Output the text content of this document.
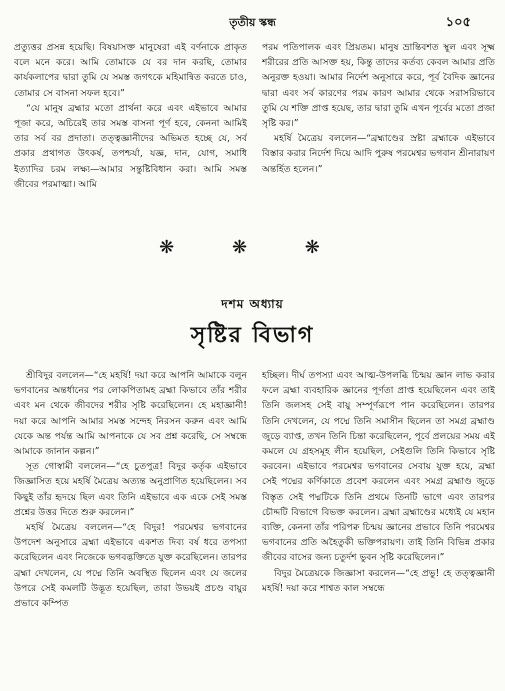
তৃতীয় স্কন্ধ	১০৫

প্রত্যুত্তর প্রসন্ন হয়েছি। বিষয়াসক্ত মানুষেরা এই বর্ণনাকে প্রাকৃত বলে মনে করে। আমি তোমাকে যে বর দান করছি, তোমার কার্যকলাপের দ্বারা তুমি যে সমস্ত জগৎকে মহিমান্বিত করতে চাও, তোমার সে বাসনা সফল হবে।”

“যে মানুষ ব্রহ্মার মতো প্রার্থনা করে এবং এইভাবে আমার পূজা করে, অচিরেই তার সমস্ত বাসনা পূর্ণ হবে, কেননা আমিই তার সর্ব বর প্রদাতা। তত্ত্বজ্ঞানীদের অভিমত হচ্ছে যে, সর্ব প্রকার প্রথাগত উৎকর্ষ, তপশ্চর্যা, যজ্ঞ, দান, যোগ, সমাধি ইত্যাদির চরম লক্ষ্য—আমার সন্তুষ্টিবিধান করা। আমি সমস্ত জীবের পরমাত্মা। আমি

পরম পতিপালক এবং প্রিয়তম। মানুষ ভ্রান্তিবশত স্থূল এবং সূক্ষ্ম শরীরের প্রতি আসক্ত হয়, কিন্তু তাদের কর্তব্য কেবল আমার প্রতি অনুরক্ত হওয়া। আমার নির্দেশ অনুসারে করে, পূর্ব বৈদিক জ্ঞানের দ্বারা এবং সর্ব কারণের পরম কারণ আমার থেকে সরাসরিভাবে তুমি যে শক্তি প্রাপ্ত হয়েছ, তার দ্বারা তুমি এখন পূর্বের মতো প্রজা সৃষ্টি কর।”

মহর্ষি মৈত্রেয় বললেন—“ব্রহ্মাণ্ডের স্রষ্টা ব্রহ্মাকে এইভাবে বিস্তার করার নির্দেশ দিয়ে আদি পুরুষ পরমেশ্বর ভগবান শ্রীনারায়ণ অন্তর্হিত হলেন।”

❋ ❋ ❋
দশম অধ্যায়
সৃষ্টির বিভাগ

শ্রীবিদুর বললেন—“হে মহর্ষি! দয়া করে আপনি আমাকে বলুন ভগবানের অন্তর্ধানের পর লোকপিতামহ ব্রহ্মা কিভাবে তাঁর শরীর এবং মন থেকে জীবদের শরীর সৃষ্টি করেছিলেন। হে মহাজ্ঞানী! দয়া করে আপনি আমার সমস্ত সন্দেহ নিরসন করুন এবং আমি যেকে অন্ত পর্যন্ত আমি আপনাকে যে সব প্রশ্ন করেছি, সে সম্বন্ধে আমাকে জানান কল্পন।”

সূত গোস্বামী বললেন—“হে চুতপুত্র! বিদুর কর্তৃক এইভাবে জিজ্ঞাসিত হয়ে মহর্ষি মৈত্রেয় অত্যন্ত অনুপ্রাণিত হয়েছিলেন। সব কিছুই তাঁর হৃদয়ে ছিল এবং তিনি এইভাবে এক একে সেই সমস্ত প্রশ্নের উত্তর দিতে শুরু করলেন।”

মহর্ষি মৈত্রেয় বললেন—“হে বিদুর! পরমেশ্বর ভগবানের উপদেশ অনুসারে ব্রহ্মা এইভাবে একশত দিব্য বর্ষ ধরে তপস্যা করেছিলেন এবং নিজেকে ভগবদ্ভক্তিতে যুক্ত করেছিলেন। তারপর ব্রহ্মা দেখলেন, যে পদ্মে তিনি অবস্থিত ছিলেন এবং যে জলের উপরে সেই কমলটি উদ্ভূত হয়েছিল, তারা উভয়ই প্রচণ্ড বায়ুর প্রভাবে কম্পিত

হচ্ছিল। দীর্ঘ তপস্যা এবং আত্ম-উপলব্ধি চিন্ময় জ্ঞান লাভ করার ফলে ব্রহ্মা ব্যবহারিক জ্ঞানের পূর্ণতা প্রাপ্ত হয়েছিলেন এবং তাই তিনি জলসহ সেই বায়ু সম্পূর্ণরূপে পান করেছিলেন। তারপর তিনি দেখলেন, যে পদ্মে তিনি সমাসীন ছিলেন তা সমগ্র ব্রহ্মাণ্ড জুড়ে ব্যাপ্ত, তখন তিনি চিন্তা করেছিলেন, পূর্বে প্রলয়ের সময় এই কমলে যে গ্রহসমূহ লীন হয়েছিল, সেইগুলি তিনি কিভাবে সৃষ্টি করবেন। এইভাবে পরমেশ্বর ভগবানের সেবায় যুক্ত হয়ে, ব্রহ্মা সেই পদ্মের কর্ণিকাতে প্রবেশ করলেন এবং সমগ্র ব্রহ্মাণ্ড জুড়ে বিস্তৃত সেই পদ্মটিকে তিনি প্রথমে তিনটি ভাগে এবং তারপর চৌদ্দটি বিভাগে বিভক্ত করলেন। ব্রহ্মা ব্রহ্মাণ্ডের মধ্যেই যে মহান ব্যক্তি, কেননা তাঁর পরিপক্ব চিন্ময় জ্ঞানের প্রভাবে তিনি পরমেশ্বর ভগবানের প্রতি অহৈতুকী ভক্তিপরায়ণ। তাই তিনি বিভিন্ন প্রকার জীবের বাসের জন্য চতুর্দশ ভুবন সৃষ্টি করেছিলেন।”

বিদুর মৈত্রেয়কে জিজ্ঞাসা করলেন—“হে প্রভু! হে তত্ত্বজ্ঞানী মহর্ষি! দয়া করে শাশ্বত কাল সম্বন্ধে
